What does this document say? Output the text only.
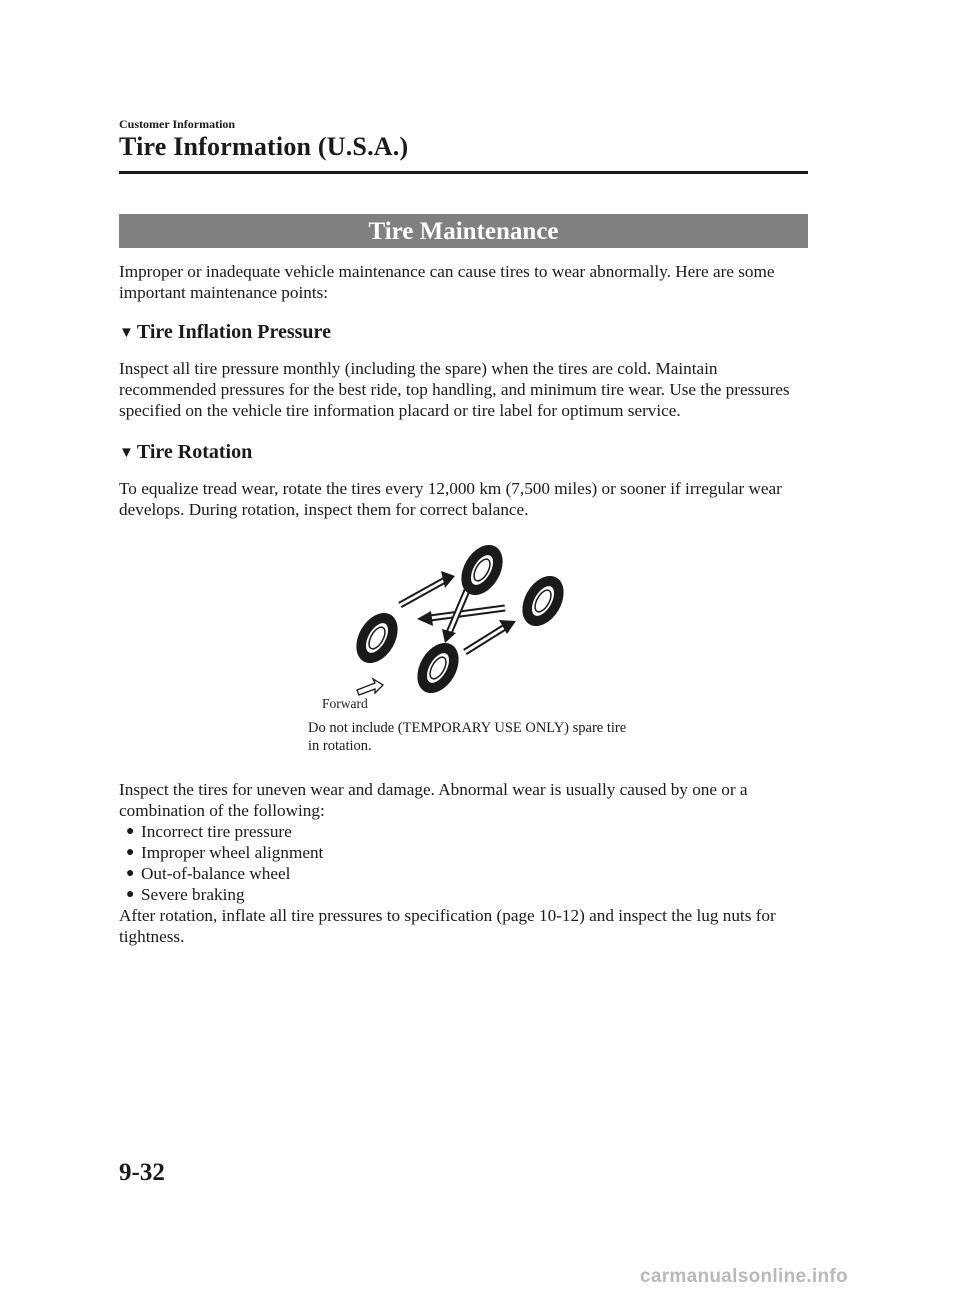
Customer Information
Tire Information (U.S.A.)
Tire Maintenance
Improper or inadequate vehicle maintenance can cause tires to wear abnormally. Here are some important maintenance points:
▼ Tire Inflation Pressure
Inspect all tire pressure monthly (including the spare) when the tires are cold. Maintain recommended pressures for the best ride, top handling, and minimum tire wear. Use the pressures specified on the vehicle tire information placard or tire label for optimum service.
▼ Tire Rotation
To equalize tread wear, rotate the tires every 12,000 km (7,500 miles) or sooner if irregular wear develops. During rotation, inspect them for correct balance.
Forward
Do not include (TEMPORARY USE ONLY) spare tire in rotation.
Inspect the tires for uneven wear and damage. Abnormal wear is usually caused by one or a combination of the following:
● Incorrect tire pressure
● Improper wheel alignment
● Out-of-balance wheel
● Severe braking
After rotation, inflate all tire pressures to specification (page 10-12) and inspect the lug nuts for tightness.
9-32
carmanualsonline.info
